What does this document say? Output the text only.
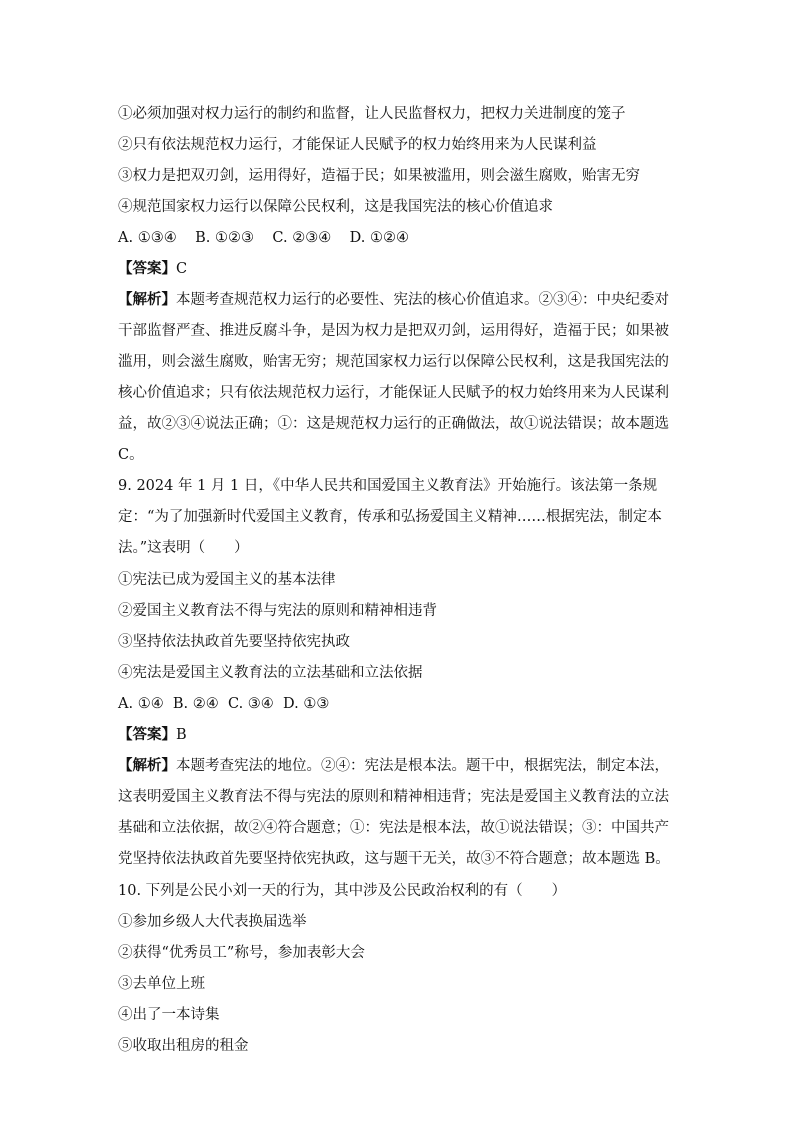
①必须加强对权力运行的制约和监督，让人民监督权力，把权力关进制度的笼子
②只有依法规范权力运行，才能保证人民赋予的权力始终用来为人民谋利益
③权力是把双刃剑，运用得好，造福于民；如果被滥用，则会滋生腐败，贻害无穷
④规范国家权力运行以保障公民权利，这是我国宪法的核心价值追求
A. ①③④    B. ①②③    C. ②③④    D. ①②④
【答案】 C

【解析】本题考查规范权力运行的必要性、宪法的核心价值追求。②③④：中央纪委对干部监督严查、推进反腐斗争，是因为权力是把双刃剑，运用得好，造福于民；如果被滥用，则会滋生腐败，贻害无穷；规范国家权力运行以保障公民权利，这是我国宪法的核心价值追求；只有依法规范权力运行，才能保证人民赋予的权力始终用来为人民谋利益，故②③④说法正确；①：这是规范权力运行的正确做法，故①说法错误；故本题选 C。

9. 2024 年 1 月 1 日，《中华人民共和国爱国主义教育法》开始施行。该法第一条规定：“为了加强新时代爱国主义教育，传承和弘扬爱国主义精神……根据宪法，制定本法。”这表明（　　）

①宪法已成为爱国主义的基本法律
②爱国主义教育法不得与宪法的原则和精神相违背
③坚持依法执政首先要坚持依宪执政
④宪法是爱国主义教育法的立法基础和立法依据
A. ①④  B. ②④  C. ③④  D. ①③
【答案】 B

【解析】本题考查宪法的地位。②④：宪法是根本法。题干中，根据宪法，制定本法，这表明爱国主义教育法不得与宪法的原则和精神相违背；宪法是爱国主义教育法的立法基础和立法依据，故②④符合题意；①：宪法是根本法，故①说法错误；③：中国共产党坚持依法执政首先要坚持依宪执政，这与题干无关，故③不符合题意；故本题选 B。

10. 下列是公民小刘一天的行为，其中涉及公民政治权利的有（　　）
①参加乡级人大代表换届选举
②获得“优秀员工”称号，参加表彰大会
③去单位上班
④出了一本诗集
⑤收取出租房的租金
